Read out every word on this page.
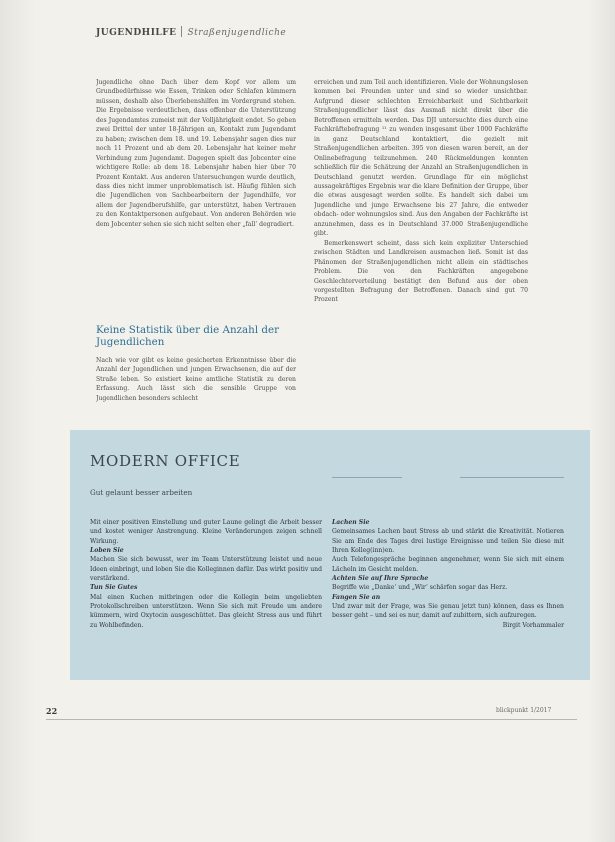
JUGENDHILFE Straßenjugendliche

Jugendliche ohne Dach über dem Kopf vor allem um Grundbedürfnisse wie Essen, Trinken oder Schlafen kümmern müssen, deshalb also Überlebenshilfen im Vordergrund stehen. Die Ergebnisse verdeutlichen, dass offenbar die Unterstützung des Jugendamtes zumeist mit der Volljährigkeit endet. So geben zwei Drittel der unter 18-Jährigen an, Kontakt zum Jugendamt zu haben; zwischen dem 18. und 19. Lebensjahr sagen dies nur noch 11 Prozent und ab dem 20. Lebensjahr hat keiner mehr Verbindung zum Jugendamt. Dagegen spielt das Jobcenter eine wichtigere Rolle: ab dem 18. Lebensjahr haben hier über 70 Prozent Kontakt. Aus anderen Untersuchungen wurde deutlich, dass dies nicht immer unproblematisch ist. Häufig fühlen sich die Jugendlichen von Sachbearbeitern der Jugendhilfe, vor allem der Jugendberufshilfe, gar unterstützt, haben Vertrauen zu den Kontaktpersonen aufgebaut. Von anderen Behörden wie dem Jobcenter sehen sie sich nicht selten eher „fallʻ degradiert.

Keine Statistik über die Anzahl der Jugendlichen

Nach wie vor gibt es keine gesicherten Erkenntnisse über die Anzahl der Jugendlichen und jungen Erwachsenen, die auf der Straße leben. So existiert keine amtliche Statistik zu deren Erfassung. Auch lässt sich die sensible Gruppe von Jugendlichen besonders schlecht

erreichen und zum Teil auch identifizieren. Viele der Wohnungslosen kommen bei Freunden unter und sind so wieder unsichtbar. Aufgrund dieser schlechten Erreichbarkeit und Sichtbarkeit Straßenjugendlicher lässt das Ausmaß nicht direkt über die Betroffenen ermitteln werden. Das DJI untersuchte dies durch eine Fachkräftebefragung ¹¹ zu wenden insgesamt über 1000 Fachkräfte in ganz Deutschland kontaktiert, die gezielt mit Straßenjugendlichen arbeiten. 395 von diesen waren bereit, an der Onlinebefragung teilzunehmen. 240 Rückmeldungen konnten schließlich für die Schätzung der Anzahl an Straßenjugendlichen in Deutschland genutzt werden. Grundlage für ein möglichst aussagekräftiges Ergebnis war die klare Definition der Gruppe, über die etwas ausgesagt werden sollte. Es handelt sich dabei um Jugendliche und junge Erwachsene bis 27 Jahre, die entweder obdach- oder wohnungslos sind. Aus den Angaben der Fachkräfte ist anzunehmen, dass es in Deutschland 37.000 Straßenjugendliche gibt.

Bemerkenswert scheint, dass sich kein expliziter Unterschied zwischen Städten und Landkreisen ausmachen ließ. Somit ist das Phänomen der Straßenjugendlichen nicht allein ein städtisches Problem. Die von den Fachkräften angegebene Geschlechterverteilung bestätigt den Befund aus der oben vorgestellten Befragung der Betroffenen. Danach sind gut 70 Prozent

MODERN OFFICE
Gut gelaunt besser arbeiten

Mit einer positiven Einstellung und guter Laune gelingt die Arbeit besser und kostet weniger Anstrengung. Kleine Veränderungen zeigen schnell Wirkung.

Loben Sie

Machen Sie sich bewusst, wer im Team Unterstützung leistet und neue Ideen einbringt, und loben Sie die Kolleginnen dafür. Das wirkt positiv und verstärkend.

Tun Sie Gutes

Mal einen Kuchen mitbringen oder die Kollegin beim ungeliebten Protokollschreiben unterstützen. Wenn Sie sich mit Freude um andere kümmern, wird Oxytocin ausgeschüttet. Das gleicht Stress aus und führt zu Wohlbefinden.

Lachen Sie

Gemeinsames Lachen baut Stress ab und stärkt die Kreativität. Notieren Sie am Ende des Tages drei lustige Ereignisse und teilen Sie diese mit Ihren Kolleg(inn)en.

Auch Telefongespräche beginnen angenehmer, wenn Sie sich mit einem Lächeln im Gesicht melden.

Achten Sie auf Ihre Sprache

Begriffe wie „Dankeʻ und „Wirʻ schärfen sogar das Herz.

Fangen Sie an

Und zwar mit der Frage, was Sie genau jetzt tun) können, dass es Ihnen besser geht – und sei es nur, damit auf zubittern, sich aufzuregen.

Birgit Vorhammaler

22	blickpunkt 1/2017
